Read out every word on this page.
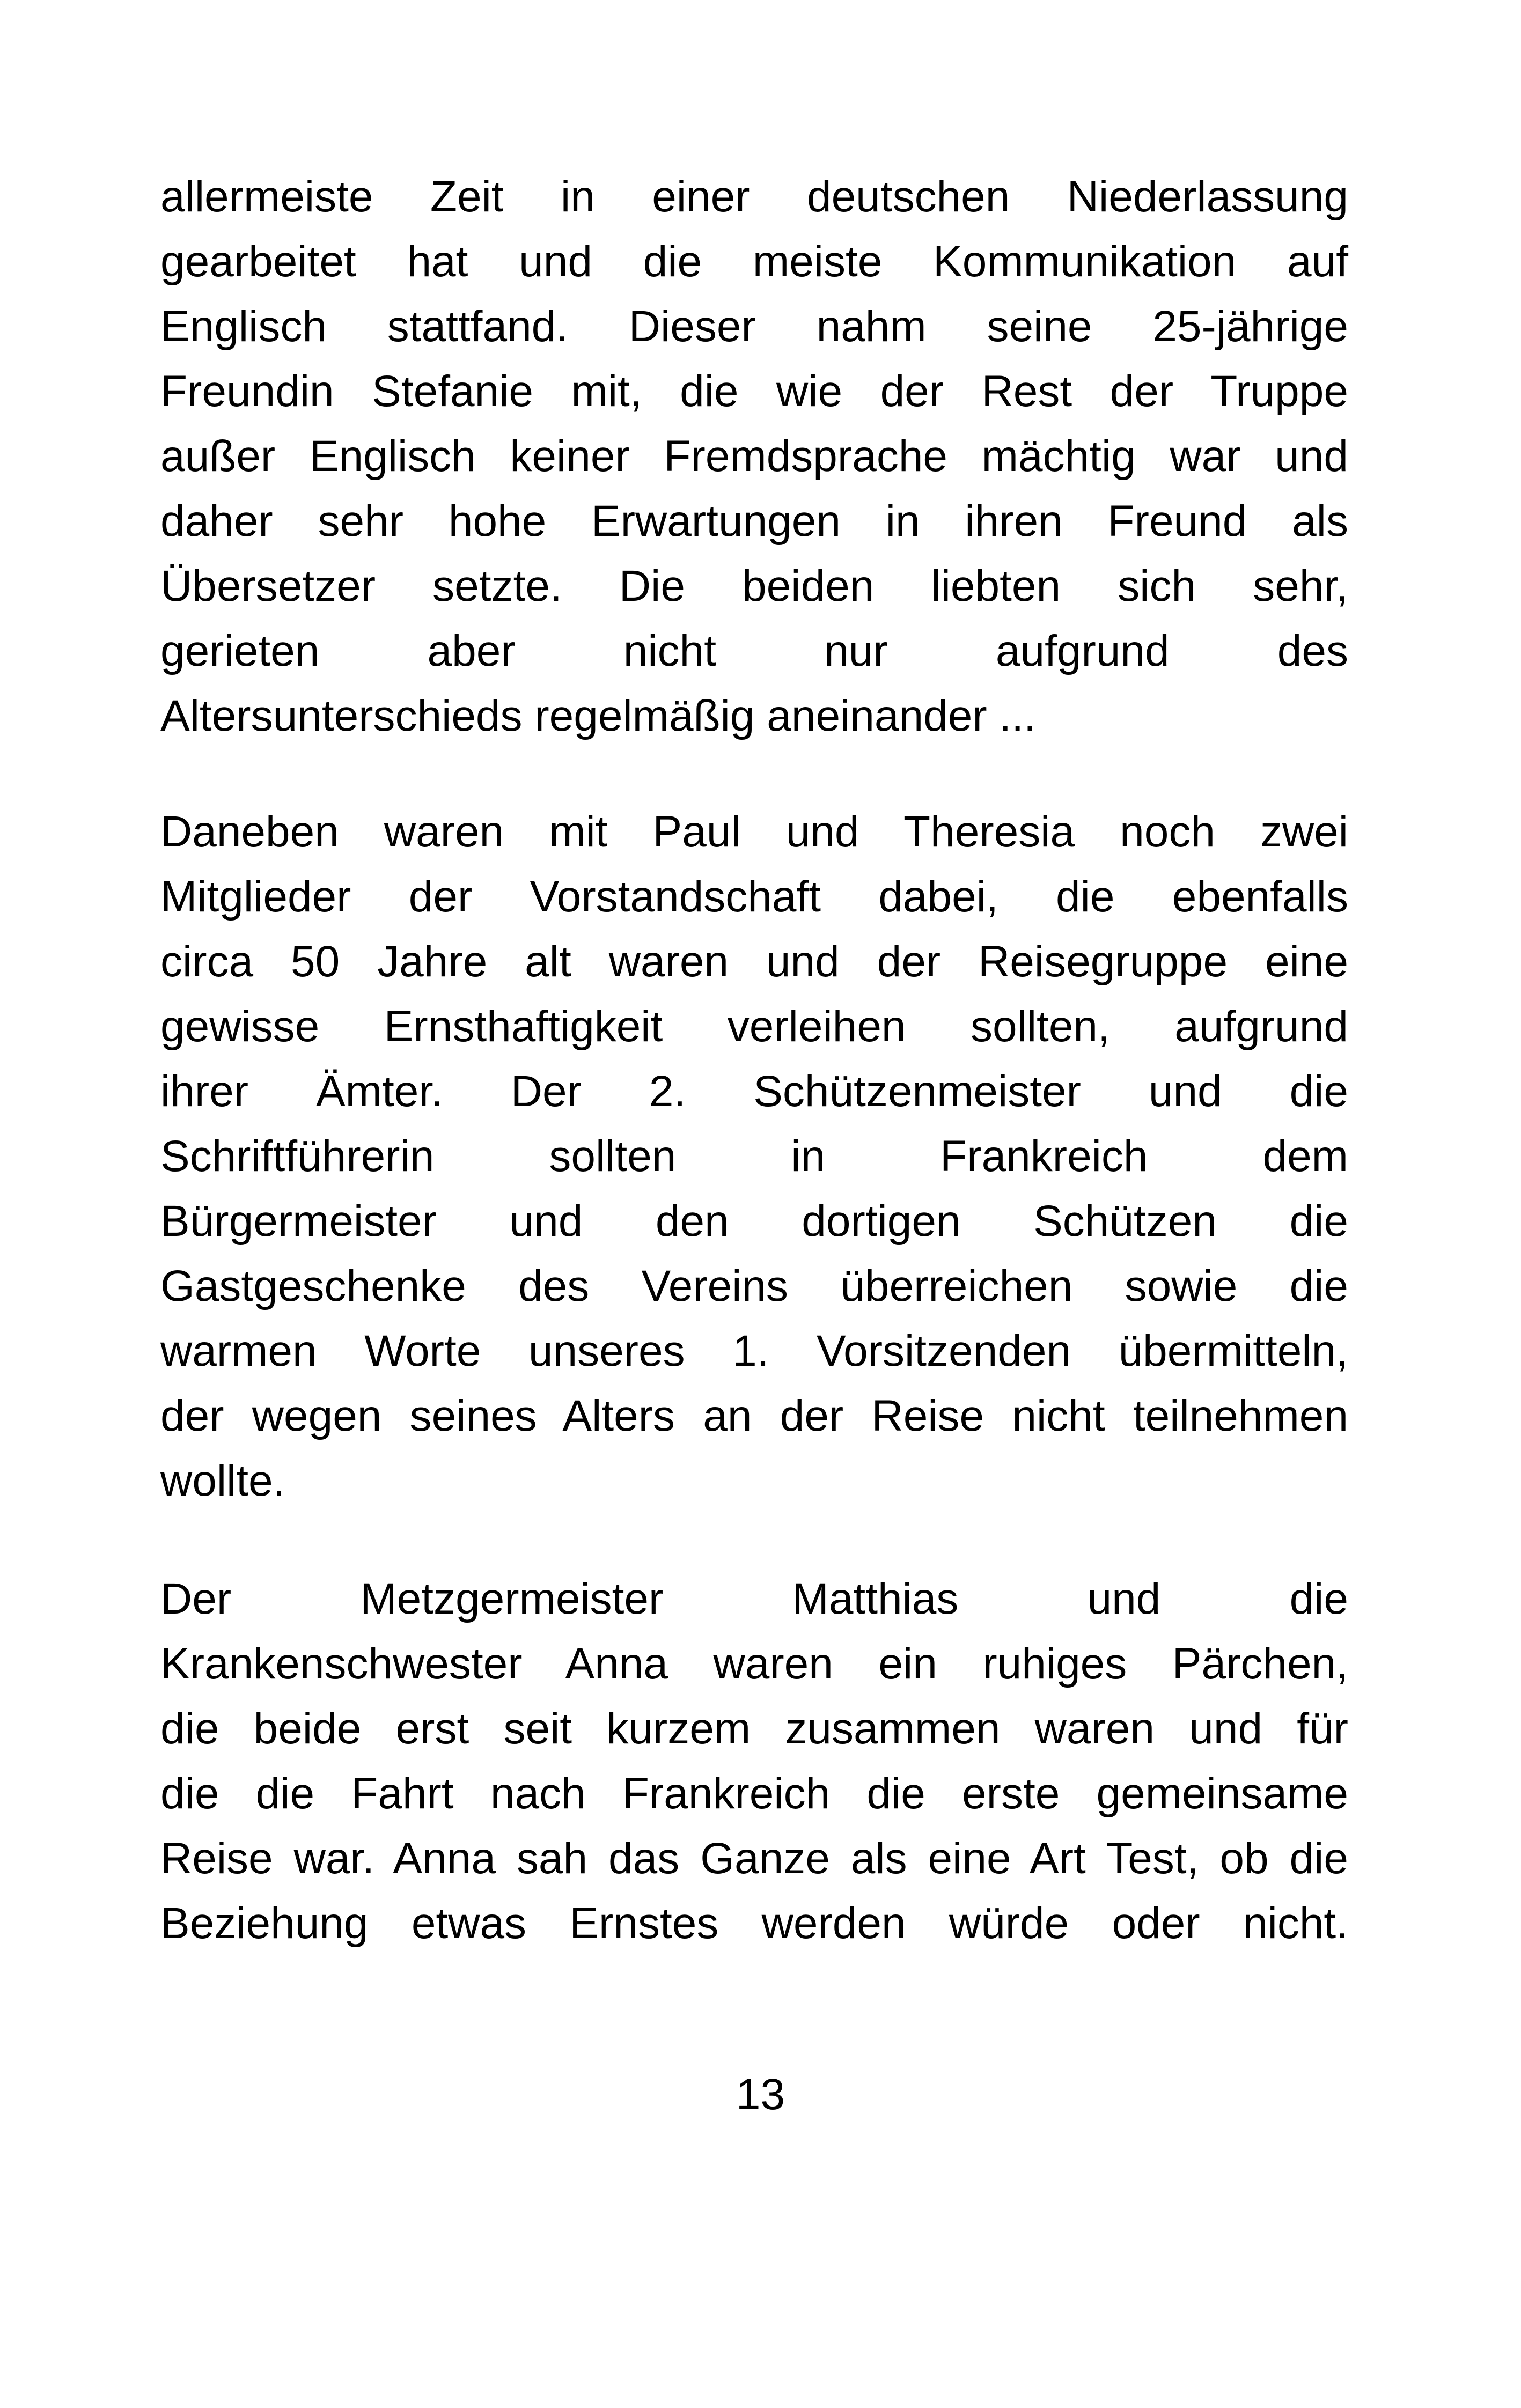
allermeiste Zeit in einer deutschen Niederlassung
gearbeitet hat und die meiste Kommunikation auf
Englisch stattfand. Dieser nahm seine 25-jährige
Freundin Stefanie mit, die wie der Rest der Truppe
außer Englisch keiner Fremdsprache mächtig war und
daher sehr hohe Erwartungen in ihren Freund als
Übersetzer setzte. Die beiden liebten sich sehr,
gerieten aber nicht nur aufgrund des
Altersunterschieds regelmäßig aneinander ...
Daneben waren mit Paul und Theresia noch zwei
Mitglieder der Vorstandschaft dabei, die ebenfalls
circa 50 Jahre alt waren und der Reisegruppe eine
gewisse Ernsthaftigkeit verleihen sollten, aufgrund
ihrer Ämter. Der 2. Schützenmeister und die
Schriftführerin sollten in Frankreich dem
Bürgermeister und den dortigen Schützen die
Gastgeschenke des Vereins überreichen sowie die
warmen Worte unseres 1. Vorsitzenden übermitteln,
der wegen seines Alters an der Reise nicht teilnehmen
wollte.
Der Metzgermeister Matthias und die
Krankenschwester Anna waren ein ruhiges Pärchen,
die beide erst seit kurzem zusammen waren und für
die die Fahrt nach Frankreich die erste gemeinsame
Reise war. Anna sah das Ganze als eine Art Test, ob die
Beziehung etwas Ernstes werden würde oder nicht.
13
